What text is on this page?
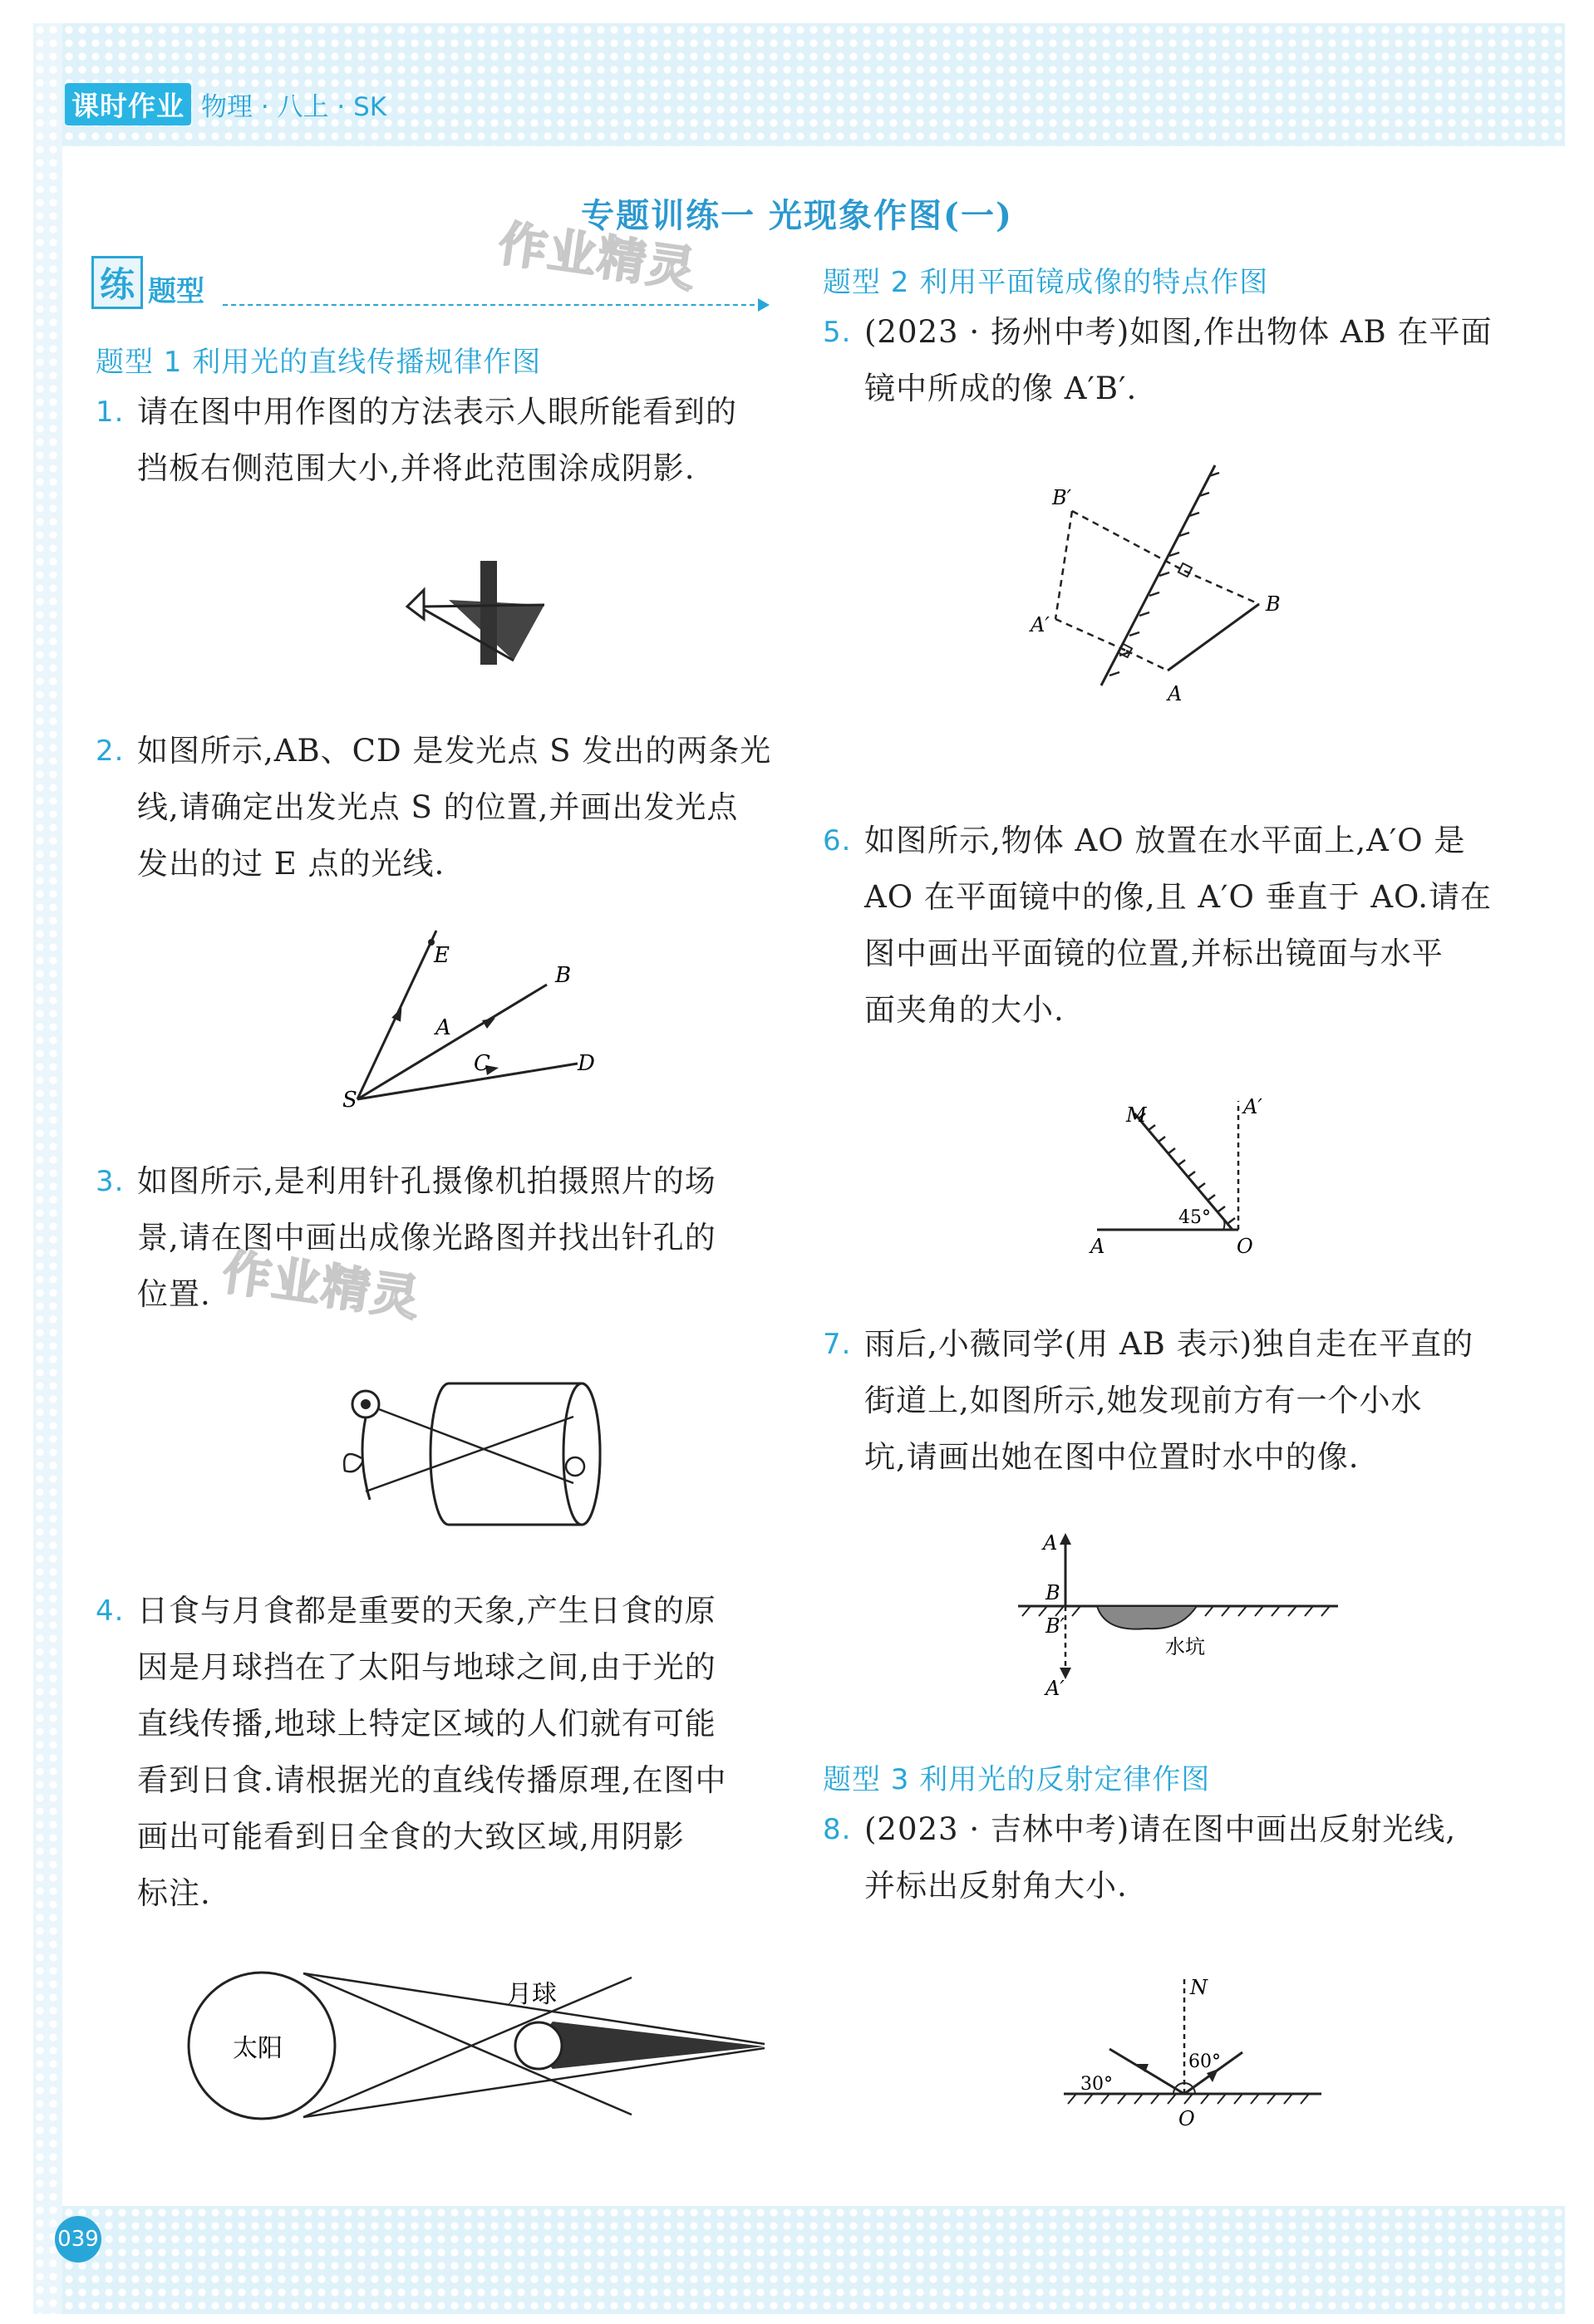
课时作业 物理 · 八上 · SK
专题训练一 光现象作图(一)
作业精灵
作业精灵
练 题型
题型 1 利用光的直线传播规律作图
1. 请在图中用作图的方法表示人眼所能看到的
挡板右侧范围大小,并将此范围涂成阴影.
2. 如图所示,AB、CD 是发光点 S 发出的两条光
线,请确定出发光点 S 的位置,并画出发光点
发出的过 E 点的光线.
E
B
A
C	D
S
3. 如图所示,是利用针孔摄像机拍摄照片的场
景,请在图中画出成像光路图并找出针孔的
位置.
4. 日食与月食都是重要的天象,产生日食的原
因是月球挡在了太阳与地球之间,由于光的
直线传播,地球上特定区域的人们就有可能
看到日食.请根据光的直线传播原理,在图中
画出可能看到日全食的大致区域,用阴影
标注.
太阳
月球
题型 2 利用平面镜成像的特点作图
5. (2023 · 扬州中考)如图,作出物体 AB 在平面
镜中所成的像 A′B′.
B′
B
A′
A
6. 如图所示,物体 AO 放置在水平面上,A′O 是
AO 在平面镜中的像,且 A′O 垂直于 AO.请在
图中画出平面镜的位置,并标出镜面与水平
面夹角的大小.
M	A′
45°
A	O
7. 雨后,小薇同学(用 AB 表示)独自走在平直的
街道上,如图所示,她发现前方有一个小水
坑,请画出她在图中位置时水中的像.
A
B
B′
A′
水坑
题型 3 利用光的反射定律作图
8. (2023 · 吉林中考)请在图中画出反射光线,
并标出反射角大小.
N
30°
60°
O
039
